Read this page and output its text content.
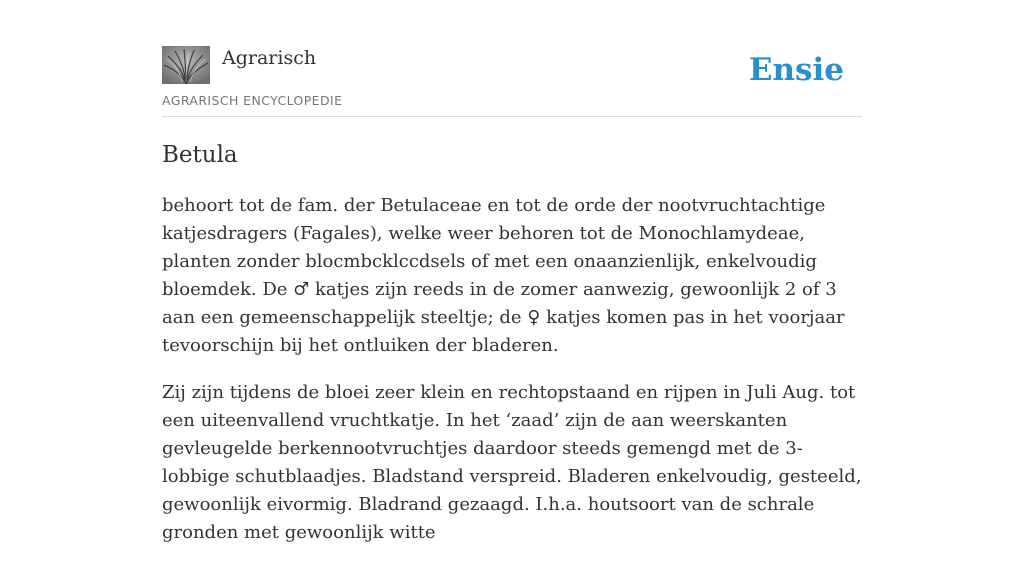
Agrarisch
AGRARISCH ENCYCLOPEDIE
Ensie
Betula

behoort tot de fam. der Betulaceae en tot de orde der nootvruchtachtige katjesdragers (Fagales), welke weer behoren tot de Monochlamydeae, planten zonder blocmbcklccdsels of met een onaanzienlijk, enkelvoudig bloemdek. De ♂ katjes zijn reeds in de zomer aanwezig, gewoonlijk 2 of 3 aan een gemeenschappelijk steeltje; de ♀ katjes komen pas in het voorjaar tevoorschijn bij het ontluiken der bladeren.

Zij zijn tijdens de bloei zeer klein en rechtopstaand en rijpen in Juli Aug. tot een uiteenvallend vruchtkatje. In het ‘zaad’ zijn de aan weerskanten gevleugelde berkennootvruchtjes daardoor steeds gemengd met de 3-lobbige schutblaadjes. Bladstand verspreid. Bladeren enkelvoudig, gesteeld, gewoonlijk eivormig. Bladrand gezaagd. I.h.a. houtsoort van de schrale gronden met gewoonlijk witte
